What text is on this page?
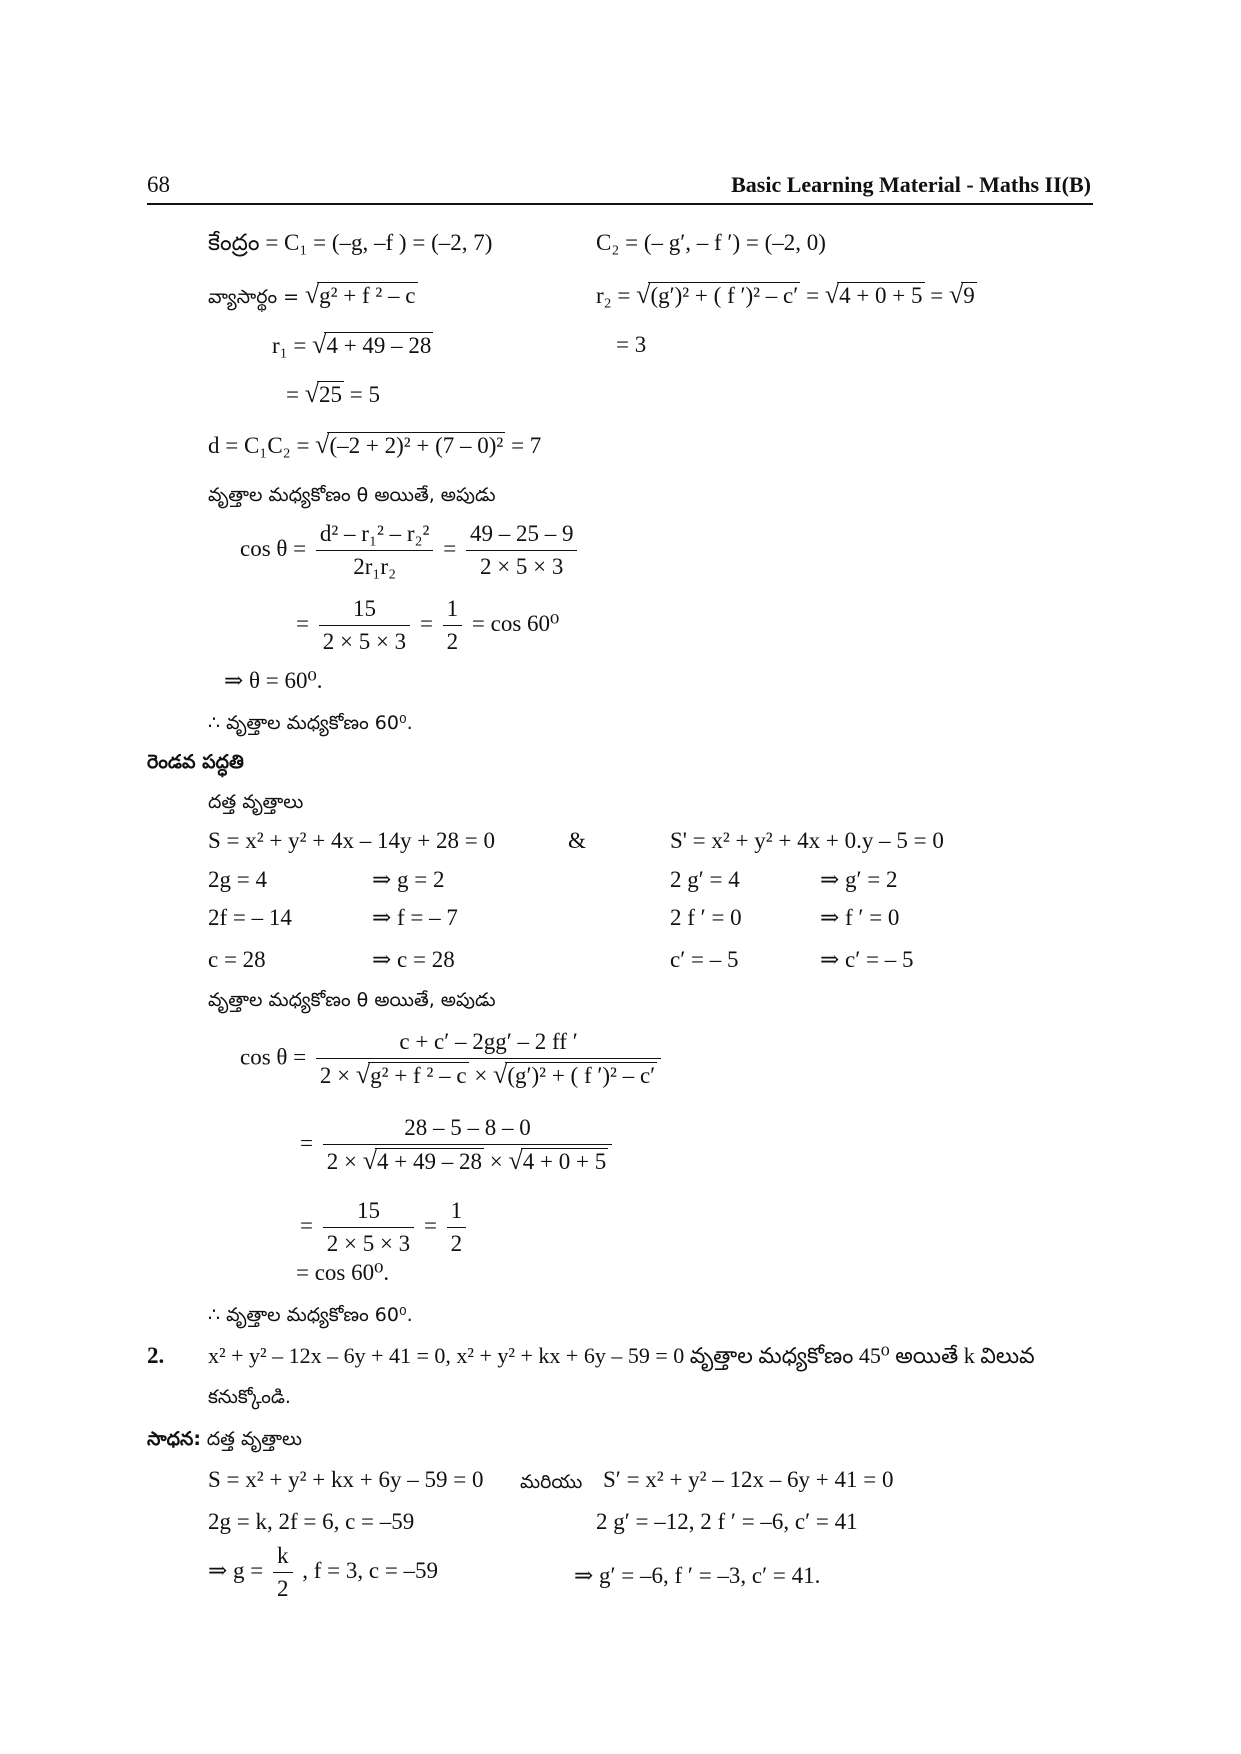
68	Basic Learning Material - Maths II(B)
కేంద్రం = C₁ = (–g, –f ) = (–2, 7)	C₂ = (– g′, – f ′) = (–2, 0)
వ్యాసార్థం = √g² + f ² – c	r₂ = √(g′)² + ( f ′)² – c′ = √4 + 0 + 5 = √9
r₁ = √4 + 49 – 28	= 3
= √25 = 5
d = C₁C₂ = √(–2 + 2)² + (7 – 0)² = 7
వృత్తాల మధ్యకోణం θ అయితే, అపుడు
$\cos \theta = \frac{\text{d² – r₁² – r₂²}}{\text{2r₁r₂}} = \frac{49 - 25 - 9}{2 \times 5 \times 3}$
= $\frac{15}{2 \times 5 \times 3} = \frac{1}{2} = \cos 60^0$
⇒ θ = 60⁰.
∴ వృత్తాల మధ్యకోణం 60⁰.
రెండవ పద్ధతి
దత్త వృత్తాలు
S = x² + y² + 4x – 14y + 28 = 0	&	S' = x² + y² + 4x + 0.y – 5 = 0
2g = 4	⇒ g = 2	2 g′ = 4	⇒ g′ = 2
2f = – 14	⇒ f = – 7	2 f ′ = 0	⇒ f ′ = 0
c = 28	⇒ c = 28	c′ = – 5	⇒ c′ = – 5
వృత్తాల మధ్యకోణం θ అయితే, అపుడు
$\cos \theta = \frac{c + c' - 2gg' - 2 ff '}{\text{2 × √g² + f ² – c × √(g′)² + ( f ′)² – c′}}$
= $\frac{28 - 5 - 8 - 0}{2 \times √4 + 49 - 28 \times √4 + 0 + 5}$
= $\frac{15}{2 \times 5 \times 3} = \frac{1}{2}$
= cos 60⁰.
∴ వృత్తాల మధ్యకోణం 60⁰.
2. x² + y² – 12x – 6y + 41 = 0, x² + y² + kx + 6y – 59 = 0 వృత్తాల మధ్యకోణం 45⁰ అయితే k విలువ
కనుక్కోండి.
సాధన: దత్త వృత్తాలు
S = x² + y² + kx + 6y – 59 = 0 మరియు S′ = x² + y² – 12x – 6y + 41 = 0
2g = k, 2f = 6, c = –59	2 g′ = –12, 2 f ′ = –6, c′ = 41
⇒ $g = \frac{k}{2}$ , f = 3, c = –59	⇒ g′ = –6, f ′ = –3, c′ = 41.
